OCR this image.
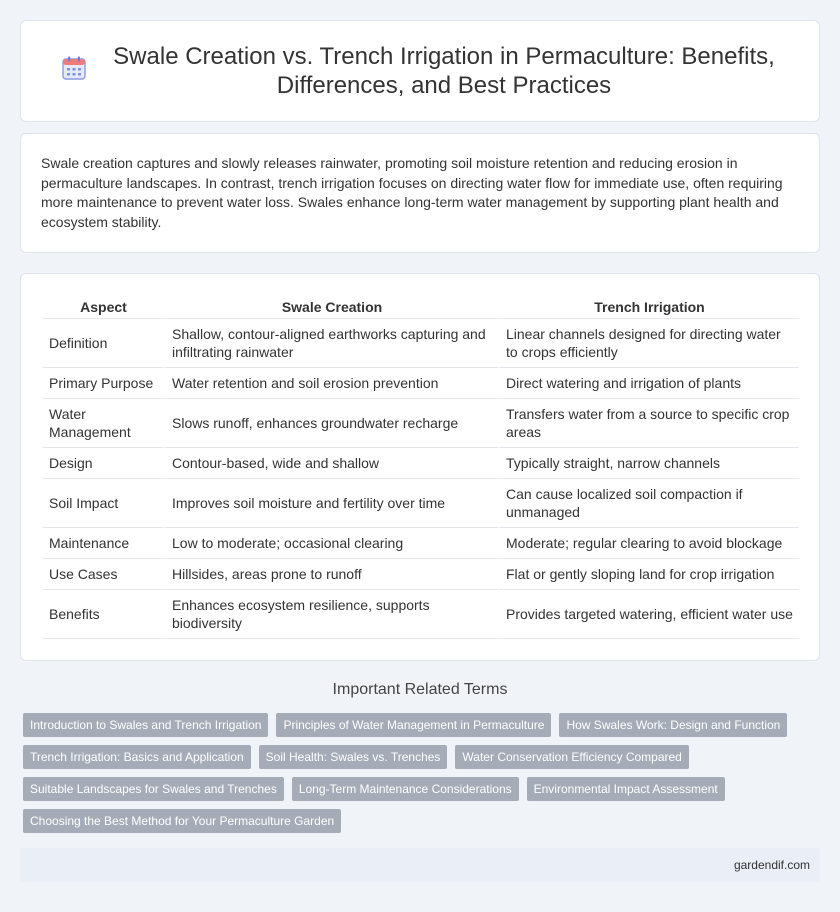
Swale Creation vs. Trench Irrigation in Permaculture: Benefits, Differences, and Best Practices

Swale creation captures and slowly releases rainwater, promoting soil moisture retention and reducing erosion in permaculture landscapes. In contrast, trench irrigation focuses on directing water flow for immediate use, often requiring more maintenance to prevent water loss. Swales enhance long-term water management by supporting plant health and ecosystem stability.

Aspect	Swale Creation	Trench Irrigation
Definition	Shallow, contour-aligned earthworks capturing and infiltrating rainwater	Linear channels designed for directing water to crops efficiently
Primary Purpose	Water retention and soil erosion prevention	Direct watering and irrigation of plants
Water Management	Slows runoff, enhances groundwater recharge	Transfers water from a source to specific crop areas
Design	Contour-based, wide and shallow	Typically straight, narrow channels
Soil Impact	Improves soil moisture and fertility over time	Can cause localized soil compaction if unmanaged
Maintenance	Low to moderate; occasional clearing	Moderate; regular clearing to avoid blockage
Use Cases	Hillsides, areas prone to runoff	Flat or gently sloping land for crop irrigation
Benefits	Enhances ecosystem resilience, supports biodiversity	Provides targeted watering, efficient water use
Important Related Terms
Introduction to Swales and Trench Irrigation	Principles of Water Management in Permaculture	How Swales Work: Design and Function
Trench Irrigation: Basics and Application	Soil Health: Swales vs. Trenches	Water Conservation Efficiency Compared
Suitable Landscapes for Swales and Trenches	Long-Term Maintenance Considerations	Environmental Impact Assessment
Choosing the Best Method for Your Permaculture Garden
gardendif.com
